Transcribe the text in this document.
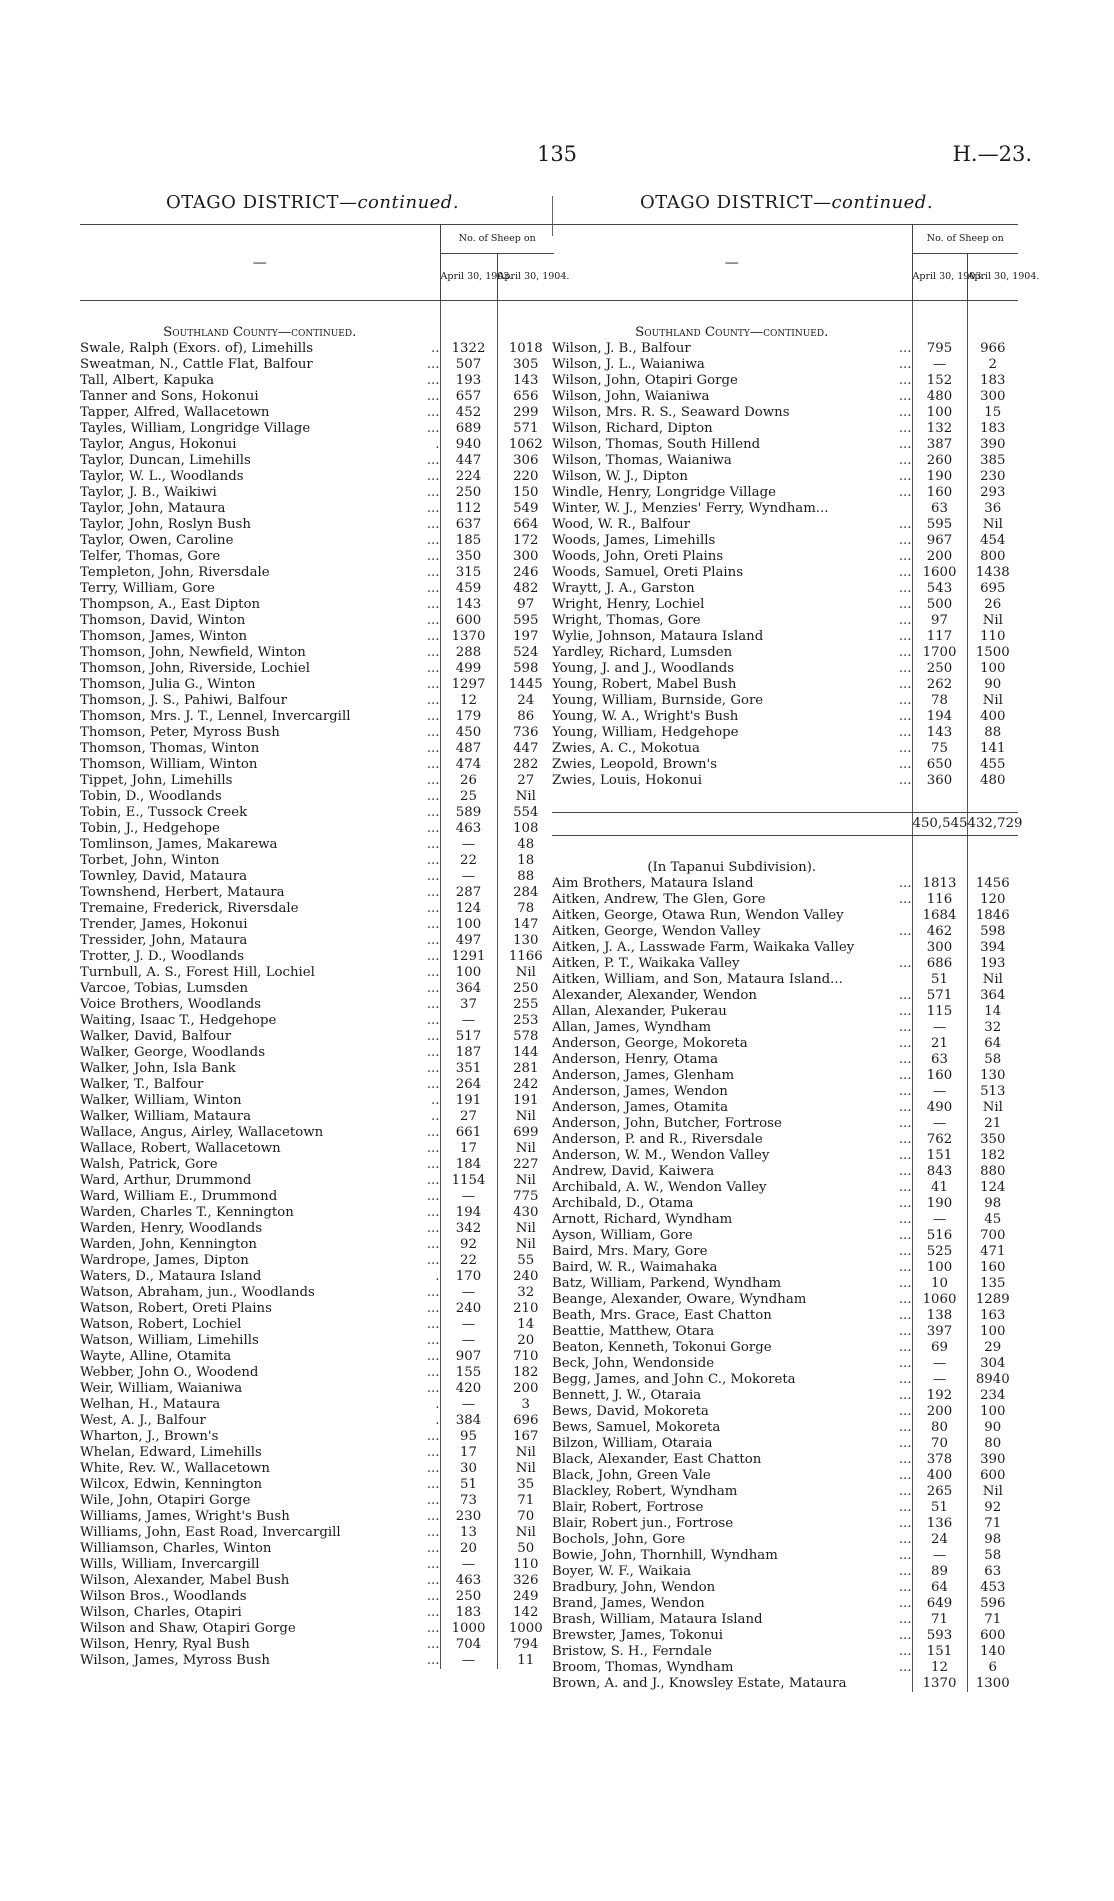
135	H.—23.
OTAGO DISTRICT—continued.	OTAGO DISTRICT—continued.
—		No. of Sheep on	
		April 30, 1903.	April 30, 1904.

Southland County—continued.			
Swale, Ralph (Exors. of), Limehills	..	1322	1018
Sweatman, N., Cattle Flat, Balfour	...	507	305
Tall, Albert, Kapuka	...	193	143
Tanner and Sons, Hokonui	...	657	656
Tapper, Alfred, Wallacetown	...	452	299
Tayles, William, Longridge Village	...	689	571
Taylor, Angus, Hokonui	.	940	1062
Taylor, Duncan, Limehills	...	447	306
Taylor, W. L., Woodlands	...	224	220
Taylor, J. B., Waikiwi	...	250	150
Taylor, John, Mataura	...	112	549
Taylor, John, Roslyn Bush	...	637	664
Taylor, Owen, Caroline	...	185	172
Telfer, Thomas, Gore	...	350	300
Templeton, John, Riversdale	...	315	246
Terry, William, Gore	...	459	482
Thompson, A., East Dipton	...	143	97
Thomson, David, Winton	...	600	595
Thomson, James, Winton	...	1370	197
Thomson, John, Newfield, Winton	...	288	524
Thomson, John, Riverside, Lochiel	...	499	598
Thomson, Julia G., Winton	...	1297	1445
Thomson, J. S., Pahiwi, Balfour	...	12	24
Thomson, Mrs. J. T., Lennel, Invercargill	...	179	86
Thomson, Peter, Myross Bush	...	450	736
Thomson, Thomas, Winton	...	487	447
Thomson, William, Winton	...	474	282
Tippet, John, Limehills	...	26	27
Tobin, D., Woodlands	...	25	Nil
Tobin, E., Tussock Creek	...	589	554
Tobin, J., Hedgehope	...	463	108
Tomlinson, James, Makarewa	...	—	48
Torbet, John, Winton	...	22	18
Townley, David, Mataura	...	—	88
Townshend, Herbert, Mataura	...	287	284
Tremaine, Frederick, Riversdale	...	124	78
Trender, James, Hokonui	...	100	147
Tressider, John, Mataura	...	497	130
Trotter, J. D., Woodlands	...	1291	1166
Turnbull, A. S., Forest Hill, Lochiel	...	100	Nil
Varcoe, Tobias, Lumsden	...	364	250
Voice Brothers, Woodlands	...	37	255
Waiting, Isaac T., Hedgehope	...	—	253
Walker, David, Balfour	...	517	578
Walker, George, Woodlands	...	187	144
Walker, John, Isla Bank	...	351	281
Walker, T., Balfour	...	264	242
Walker, William, Winton	..	191	191
Walker, William, Mataura	..	27	Nil
Wallace, Angus, Airley, Wallacetown	...	661	699
Wallace, Robert, Wallacetown	...	17	Nil
Walsh, Patrick, Gore	...	184	227
Ward, Arthur, Drummond	...	1154	Nil
Ward, William E., Drummond	...	—	775
Warden, Charles T., Kennington	...	194	430
Warden, Henry, Woodlands	...	342	Nil
Warden, John, Kennington	...	92	Nil
Wardrope, James, Dipton	...	22	55
Waters, D., Mataura Island	.	170	240
Watson, Abraham, jun., Woodlands	...	—	32
Watson, Robert, Oreti Plains	...	240	210
Watson, Robert, Lochiel	...	—	14
Watson, William, Limehills	...	—	20
Wayte, Alline, Otamita	...	907	710
Webber, John O., Woodend	...	155	182
Weir, William, Waianiwa	...	420	200
Welhan, H., Mataura	.	—	3
West, A. J., Balfour	.	384	696
Wharton, J., Brown's	...	95	167
Whelan, Edward, Limehills	...	17	Nil
White, Rev. W., Wallacetown	...	30	Nil
Wilcox, Edwin, Kennington	...	51	35
Wile, John, Otapiri Gorge	...	73	71
Williams, James, Wright's Bush	...	230	70
Williams, John, East Road, Invercargill	...	13	Nil
Williamson, Charles, Winton	...	20	50
Wills, William, Invercargill	...	—	110
Wilson, Alexander, Mabel Bush	...	463	326
Wilson Bros., Woodlands	...	250	249
Wilson, Charles, Otapiri	...	183	142
Wilson and Shaw, Otapiri Gorge	...	1000	1000
Wilson, Henry, Ryal Bush	...	704	794
Wilson, James, Myross Bush	...	—	11
—		No. of Sheep on	
		April 30, 1903.	April 30, 1904.

Southland County—continued.			
Wilson, J. B., Balfour	...	795	966
Wilson, J. L., Waianiwa	...	—	2
Wilson, John, Otapiri Gorge	...	152	183
Wilson, John, Waianiwa	...	480	300
Wilson, Mrs. R. S., Seaward Downs	...	100	15
Wilson, Richard, Dipton	...	132	183
Wilson, Thomas, South Hillend	...	387	390
Wilson, Thomas, Waianiwa	...	260	385
Wilson, W. J., Dipton	...	190	230
Windle, Henry, Longridge Village	...	160	293
Winter, W. J., Menzies' Ferry, Wyndham...		63	36
Wood, W. R., Balfour	...	595	Nil
Woods, James, Limehills	...	967	454
Woods, John, Oreti Plains	...	200	800
Woods, Samuel, Oreti Plains	...	1600	1438
Wraytt, J. A., Garston	...	543	695
Wright, Henry, Lochiel	...	500	26
Wright, Thomas, Gore	...	97	Nil
Wylie, Johnson, Mataura Island	...	117	110
Yardley, Richard, Lumsden	...	1700	1500
Young, J. and J., Woodlands	...	250	100
Young, Robert, Mabel Bush	...	262	90
Young, William, Burnside, Gore	...	78	Nil
Young, W. A., Wright's Bush	...	194	400
Young, William, Hedgehope	...	143	88
Zwies, A. C., Mokotua	...	75	141
Zwies, Leopold, Brown's	...	650	455
Zwies, Louis, Hokonui	...	360	480

		450,545	432,729

(In Tapanui Subdivision).			
Aim Brothers, Mataura Island	...	1813	1456
Aitken, Andrew, The Glen, Gore	...	116	120
Aitken, George, Otawa Run, Wendon Valley		1684	1846
Aitken, George, Wendon Valley	...	462	598
Aitken, J. A., Lasswade Farm, Waikaka Valley		300	394
Aitken, P. T., Waikaka Valley	...	686	193
Aitken, William, and Son, Mataura Island...		51	Nil
Alexander, Alexander, Wendon	...	571	364
Allan, Alexander, Pukerau	...	115	14
Allan, James, Wyndham	...	—	32
Anderson, George, Mokoreta	...	21	64
Anderson, Henry, Otama	...	63	58
Anderson, James, Glenham	...	160	130
Anderson, James, Wendon	...	—	513
Anderson, James, Otamita	...	490	Nil
Anderson, John, Butcher, Fortrose	...	—	21
Anderson, P. and R., Riversdale	...	762	350
Anderson, W. M., Wendon Valley	...	151	182
Andrew, David, Kaiwera	...	843	880
Archibald, A. W., Wendon Valley	...	41	124
Archibald, D., Otama	...	190	98
Arnott, Richard, Wyndham	...	—	45
Ayson, William, Gore	...	516	700
Baird, Mrs. Mary, Gore	...	525	471
Baird, W. R., Waimahaka	...	100	160
Batz, William, Parkend, Wyndham	...	10	135
Beange, Alexander, Oware, Wyndham	...	1060	1289
Beath, Mrs. Grace, East Chatton	...	138	163
Beattie, Matthew, Otara	...	397	100
Beaton, Kenneth, Tokonui Gorge	...	69	29
Beck, John, Wendonside	...	—	304
Begg, James, and John C., Mokoreta	...	—	8940
Bennett, J. W., Otaraia	...	192	234
Bews, David, Mokoreta	...	200	100
Bews, Samuel, Mokoreta	...	80	90
Bilzon, William, Otaraia	...	70	80
Black, Alexander, East Chatton	...	378	390
Black, John, Green Vale	...	400	600
Blackley, Robert, Wyndham	...	265	Nil
Blair, Robert, Fortrose	...	51	92
Blair, Robert jun., Fortrose	...	136	71
Bochols, John, Gore	...	24	98
Bowie, John, Thornhill, Wyndham	...	—	58
Boyer, W. F., Waikaia	...	89	63
Bradbury, John, Wendon	...	64	453
Brand, James, Wendon	...	649	596
Brash, William, Mataura Island	...	71	71
Brewster, James, Tokonui	...	593	600
Bristow, S. H., Ferndale	...	151	140
Broom, Thomas, Wyndham	...	12	6
Brown, A. and J., Knowsley Estate, Mataura		1370	1300
